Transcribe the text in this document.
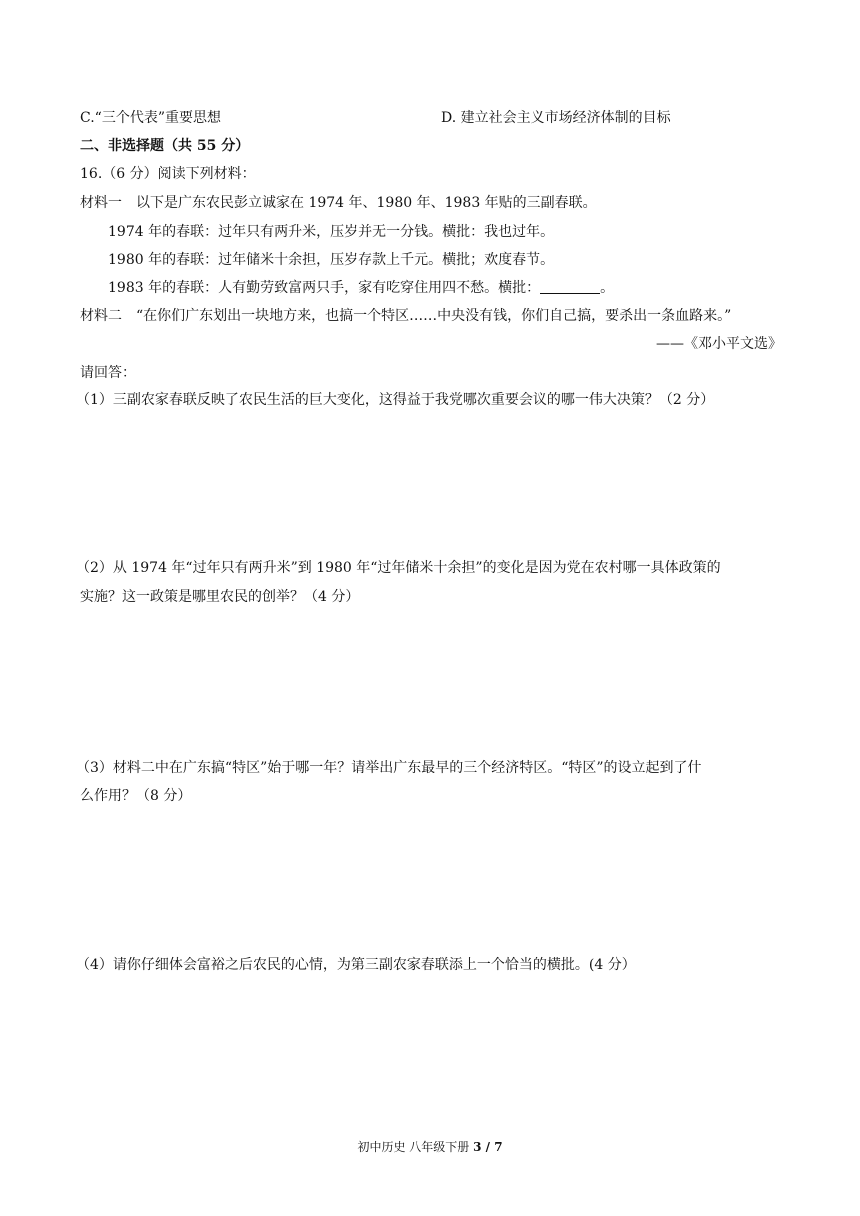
C.“三个代表”重要思想	D. 建立社会主义市场经济体制的目标
二、非选择题（共 55 分）
16.（6 分）阅读下列材料：
材料一　以下是广东农民彭立诚家在 1974 年、1980 年、1983 年贴的三副春联。
1974 年的春联：过年只有两升米，压岁并无一分钱。横批：我也过年。
1980 年的春联：过年储米十余担，压岁存款上千元。横批；欢度春节。
1983 年的春联：人有勤劳致富两只手，家有吃穿住用四不愁。横批：	。
材料二　“在你们广东划出一块地方来，也搞一个特区……中央没有钱，你们自己搞，要杀出一条血路来。”
——《邓小平文选》
请回答：
（1）三副农家春联反映了农民生活的巨大变化，这得益于我党哪次重要会议的哪一伟大决策？（2 分）
（2）从 1974 年“过年只有两升米”到 1980 年“过年储米十余担”的变化是因为党在农村哪一具体政策的
实施？这一政策是哪里农民的创举？（4 分）
（3）材料二中在广东搞“特区”始于哪一年？请举出广东最早的三个经济特区。“特区”的设立起到了什
么作用？（8 分）
（4）请你仔细体会富裕之后农民的心情，为第三副农家春联添上一个恰当的横批。(4 分）
初中历史 八年级下册 3 / 7
